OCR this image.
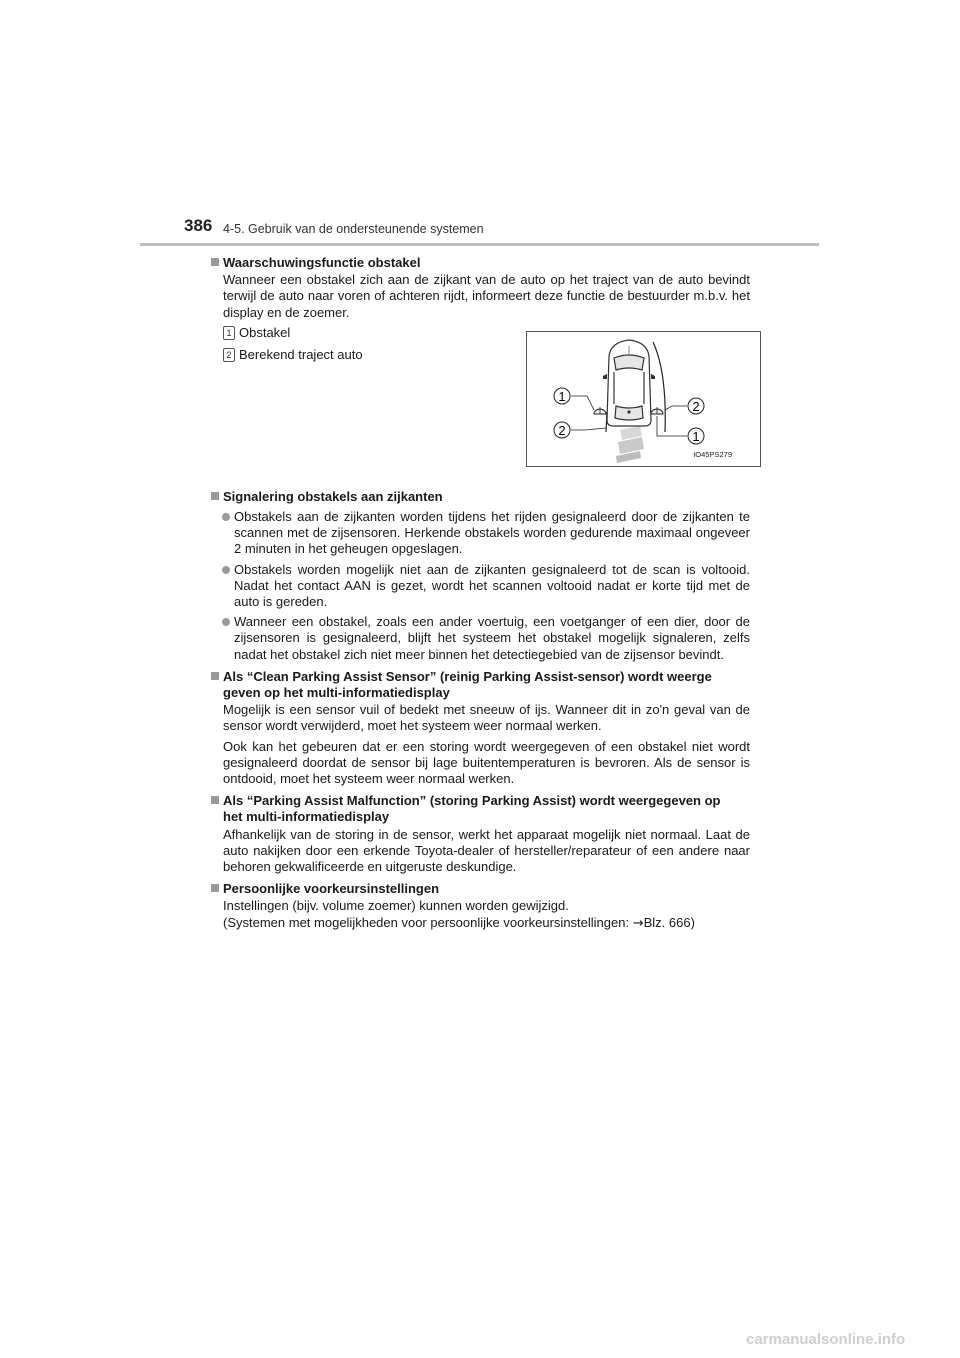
386 4-5. Gebruik van de ondersteunende systemen
Waarschuwingsfunctie obstakel
Wanneer een obstakel zich aan de zijkant van de auto op het traject van de auto bevindt terwijl de auto naar voren of achteren rijdt, informeert deze functie de bestuurder m.b.v. het display en de zoemer.
1 Obstakel
2 Berekend traject auto
1
2
2
1
IO45PS279
Signalering obstakels aan zijkanten
Obstakels aan de zijkanten worden tijdens het rijden gesignaleerd door de zijkanten te scannen met de zijsensoren. Herkende obstakels worden gedurende maximaal ongeveer 2 minuten in het geheugen opgeslagen.
Obstakels worden mogelijk niet aan de zijkanten gesignaleerd tot de scan is voltooid. Nadat het contact AAN is gezet, wordt het scannen voltooid nadat er korte tijd met de auto is gereden.
Wanneer een obstakel, zoals een ander voertuig, een voetganger of een dier, door de zijsensoren is gesignaleerd, blijft het systeem het obstakel mogelijk signaleren, zelfs nadat het obstakel zich niet meer binnen het detectiegebied van de zijsensor bevindt.
Als “Clean Parking Assist Sensor” (reinig Parking Assist-sensor) wordt weerge
geven op het multi-informatiedisplay
Mogelijk is een sensor vuil of bedekt met sneeuw of ijs. Wanneer dit in zo'n geval van de sensor wordt verwijderd, moet het systeem weer normaal werken.
Ook kan het gebeuren dat er een storing wordt weergegeven of een obstakel niet wordt gesignaleerd doordat de sensor bij lage buitentemperaturen is bevroren. Als de sensor is ontdooid, moet het systeem weer normaal werken.
Als “Parking Assist Malfunction” (storing Parking Assist) wordt weergegeven op
het multi-informatiedisplay
Afhankelijk van de storing in de sensor, werkt het apparaat mogelijk niet normaal. Laat de auto nakijken door een erkende Toyota-dealer of hersteller/reparateur of een andere naar behoren gekwalificeerde en uitgeruste deskundige.
Persoonlijke voorkeursinstellingen
Instellingen (bijv. volume zoemer) kunnen worden gewijzigd.
(Systemen met mogelijkheden voor persoonlijke voorkeursinstellingen: →Blz. 666)
carmanualsonline.info
